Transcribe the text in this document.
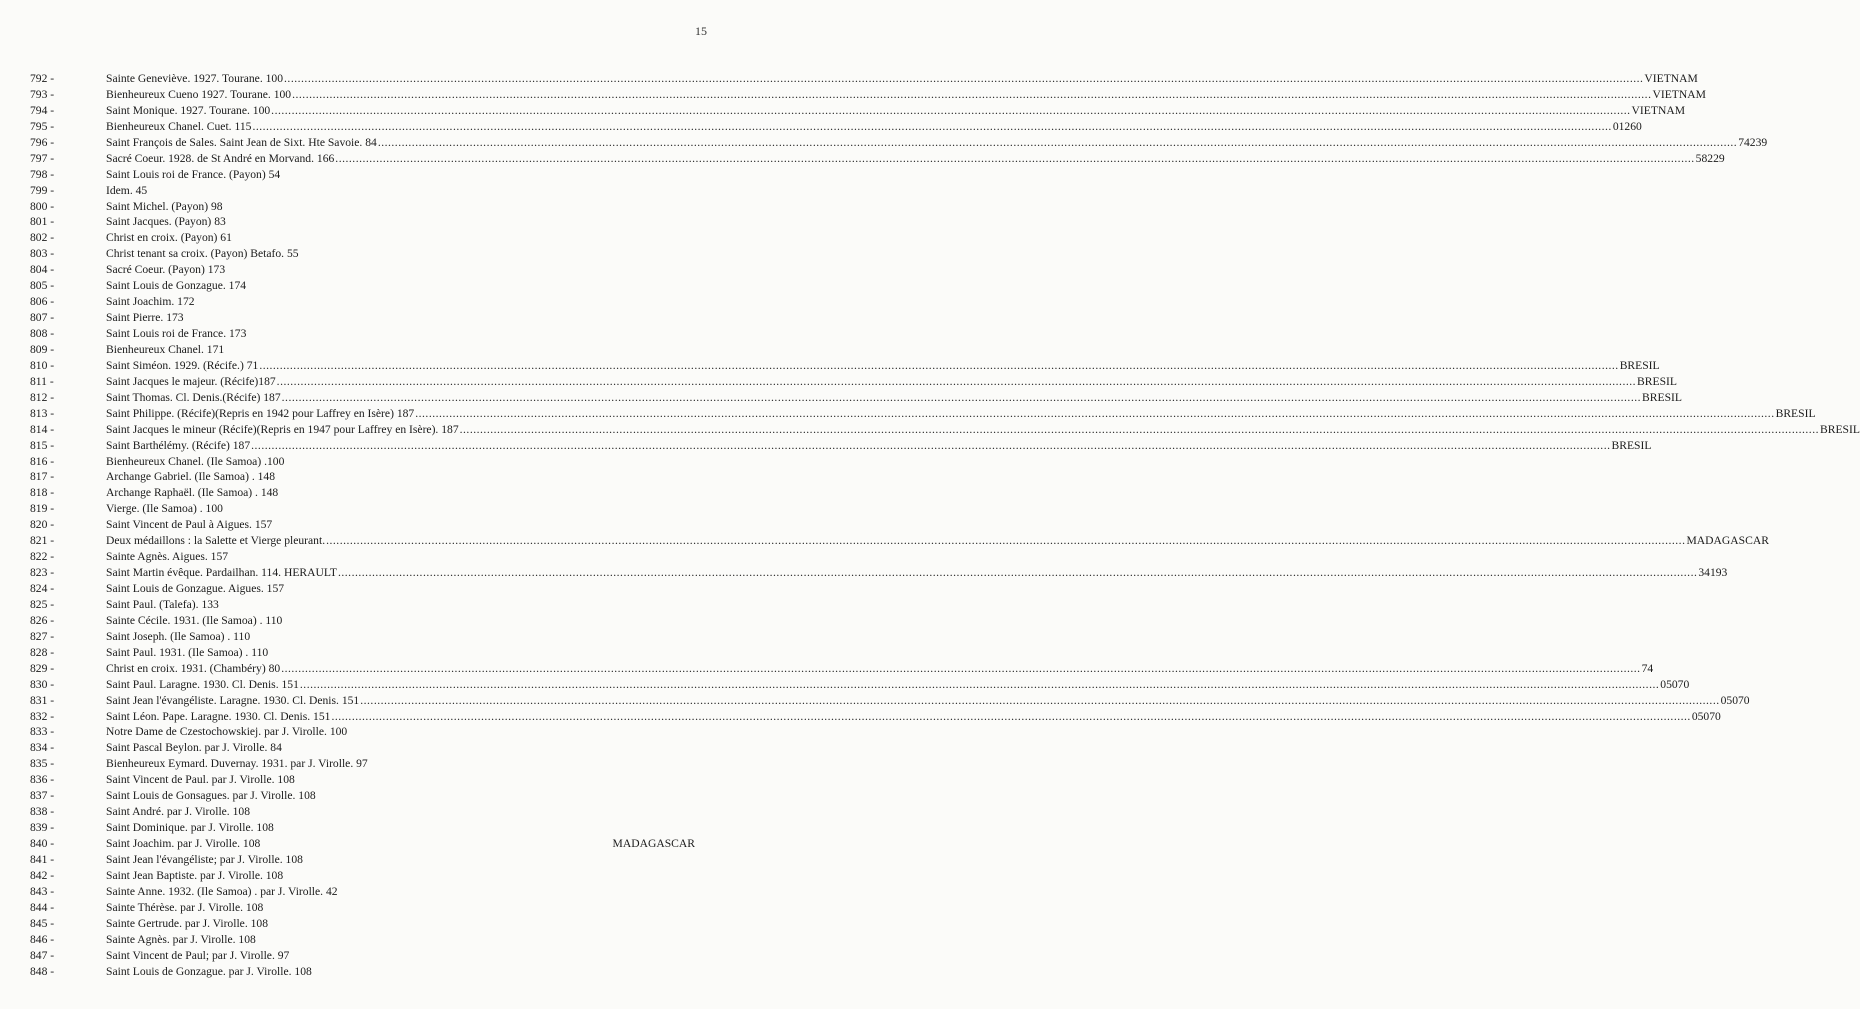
15
792 -	Sainte Geneviève. 1927. Tourane. 100 ................................................................................................................................................................................................................................................................................................................................................................................................................ VIETNAM
793 -	Bienheureux Cueno 1927. Tourane. 100 ................................................................................................................................................................................................................................................................................................................................................................................................................ VIETNAM
794 -	Saint Monique. 1927. Tourane. 100 ................................................................................................................................................................................................................................................................................................................................................................................................................ VIETNAM
795 -	Bienheureux Chanel. Cuet. 115 ................................................................................................................................................................................................................................................................................................................................................................................................................ 01260
796 -	Saint François de Sales. Saint Jean de Sixt. Hte Savoie. 84 ................................................................................................................................................................................................................................................................................................................................................................................................................ 74239
797 -	Sacré Coeur. 1928. de St André en Morvand. 166 ................................................................................................................................................................................................................................................................................................................................................................................................................ 58229
798 -	Saint Louis roi de France. (Payon) 54
799 -	Idem. 45
800 -	Saint Michel. (Payon) 98
801 -	Saint Jacques. (Payon) 83
802 -	Christ en croix. (Payon) 61
803 -	Christ tenant sa croix. (Payon) Betafo. 55
804 -	Sacré Coeur. (Payon) 173
805 -	Saint Louis de Gonzague. 174
806 -	Saint Joachim. 172
807 -	Saint Pierre. 173
808 -	Saint Louis roi de France. 173
809 -	Bienheureux Chanel. 171
810 -	Saint Siméon. 1929. (Récife.) 71 ................................................................................................................................................................................................................................................................................................................................................................................................................ BRESIL
811 -	Saint Jacques le majeur. (Récife)187 ................................................................................................................................................................................................................................................................................................................................................................................................................ BRESIL
812 -	Saint Thomas. Cl. Denis.(Récife) 187 ................................................................................................................................................................................................................................................................................................................................................................................................................ BRESIL
813 -	Saint Philippe. (Récife)(Repris en 1942 pour Laffrey en Isère) 187 ................................................................................................................................................................................................................................................................................................................................................................................................................ BRESIL
814 -	Saint Jacques le mineur (Récife)(Repris en 1947 pour Laffrey en Isère). 187 ................................................................................................................................................................................................................................................................................................................................................................................................................ BRESIL
815 -	Saint Barthélémy. (Récife) 187 ................................................................................................................................................................................................................................................................................................................................................................................................................ BRESIL
816 -	Bienheureux Chanel. (Ile Samoa) .100
817 -	Archange Gabriel. (Ile Samoa) . 148
818 -	Archange Raphaël. (Ile Samoa) . 148
819 -	Vierge. (Ile Samoa) . 100
820 -	Saint Vincent de Paul à Aigues. 157
821 -	Deux médaillons : la Salette et Vierge pleurant. ................................................................................................................................................................................................................................................................................................................................................................................................................ MADAGASCAR
822 -	Sainte Agnès. Aigues. 157
823 -	Saint Martin évêque. Pardailhan. 114. HERAULT ................................................................................................................................................................................................................................................................................................................................................................................................................ 34193
824 -	Saint Louis de Gonzague. Aigues. 157
825 -	Saint Paul. (Talefa). 133
826 -	Sainte Cécile. 1931. (Ile Samoa) . 110
827 -	Saint Joseph. (Ile Samoa) . 110
828 -	Saint Paul. 1931. (Ile Samoa) . 110
829 -	Christ en croix. 1931. (Chambéry) 80 ................................................................................................................................................................................................................................................................................................................................................................................................................ 74
830 -	Saint Paul. Laragne. 1930. Cl. Denis. 151 ................................................................................................................................................................................................................................................................................................................................................................................................................ 05070
831 -	Saint Jean l'évangéliste. Laragne. 1930. Cl. Denis. 151 ................................................................................................................................................................................................................................................................................................................................................................................................................ 05070
832 -	Saint Léon. Pape. Laragne. 1930. Cl. Denis. 151 ................................................................................................................................................................................................................................................................................................................................................................................................................ 05070
833 -	Notre Dame de Czestochowskiej. par J. Virolle. 100
834 -	Saint Pascal Beylon. par J. Virolle. 84
835 -	Bienheureux Eymard. Duvernay. 1931. par J. Virolle. 97
836 -	Saint Vincent de Paul. par J. Virolle. 108
837 -	Saint Louis de Gonsagues. par J. Virolle. 108
838 -	Saint André. par J. Virolle. 108
839 -	Saint Dominique. par J. Virolle. 108
840 -	Saint Joachim. par J. Virolle. 108	MADAGASCAR
841 -	Saint Jean l'évangéliste; par J. Virolle. 108
842 -	Saint Jean Baptiste. par J. Virolle. 108
843 -	Sainte Anne. 1932. (Ile Samoa) . par J. Virolle. 42
844 -	Sainte Thérèse. par J. Virolle. 108
845 -	Sainte Gertrude. par J. Virolle. 108
846 -	Sainte Agnès. par J. Virolle. 108
847 -	Saint Vincent de Paul; par J. Virolle. 97
848 -	Saint Louis de Gonzague. par J. Virolle. 108
